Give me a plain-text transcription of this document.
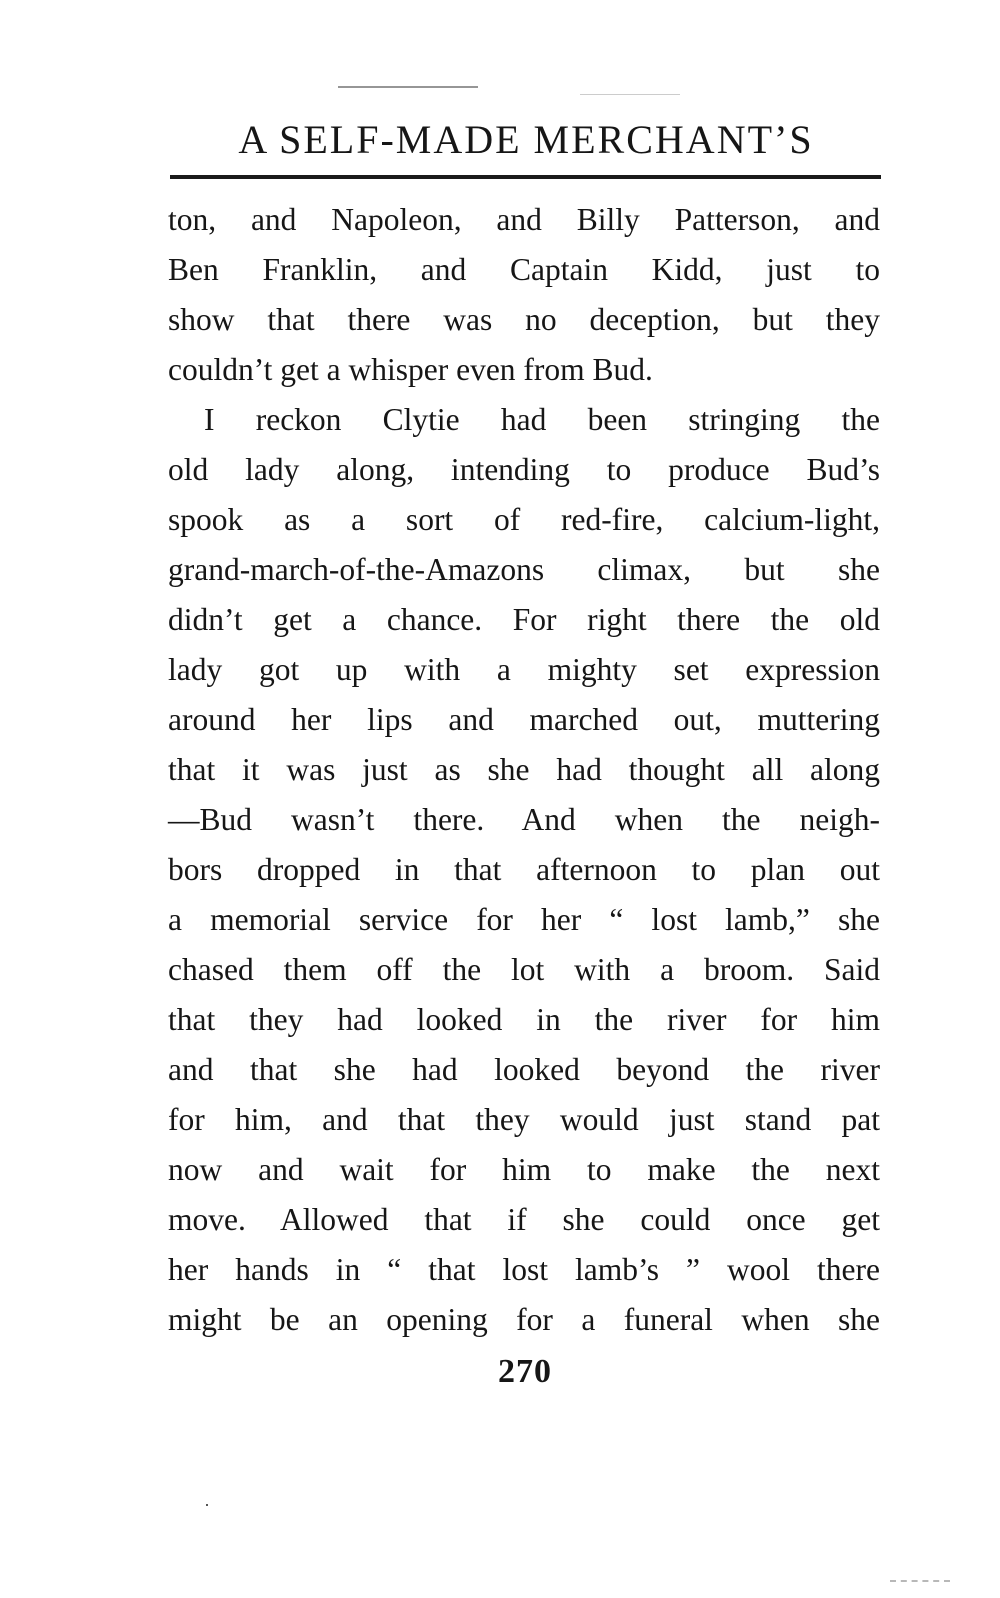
A SELF-MADE MERCHANT’S
ton, and Napoleon, and Billy Patterson, and
Ben Franklin, and Captain Kidd, just to
show that there was no deception, but they
couldn’t get a whisper even from Bud.
I reckon Clytie had been stringing the
old lady along, intending to produce Bud’s
spook as a sort of red-fire, calcium-light,
grand-march-of-the-Amazons climax, but she
didn’t get a chance. For right there the old
lady got up with a mighty set expression
around her lips and marched out, muttering
that it was just as she had thought all along
—Bud wasn’t there. And when the neigh-
bors dropped in that afternoon to plan out
a memorial service for her “ lost lamb,” she
chased them off the lot with a broom. Said
that they had looked in the river for him
and that she had looked beyond the river
for him, and that they would just stand pat
now and wait for him to make the next
move. Allowed that if she could once get
her hands in “ that lost lamb’s ” wool there
might be an opening for a funeral when she
270
